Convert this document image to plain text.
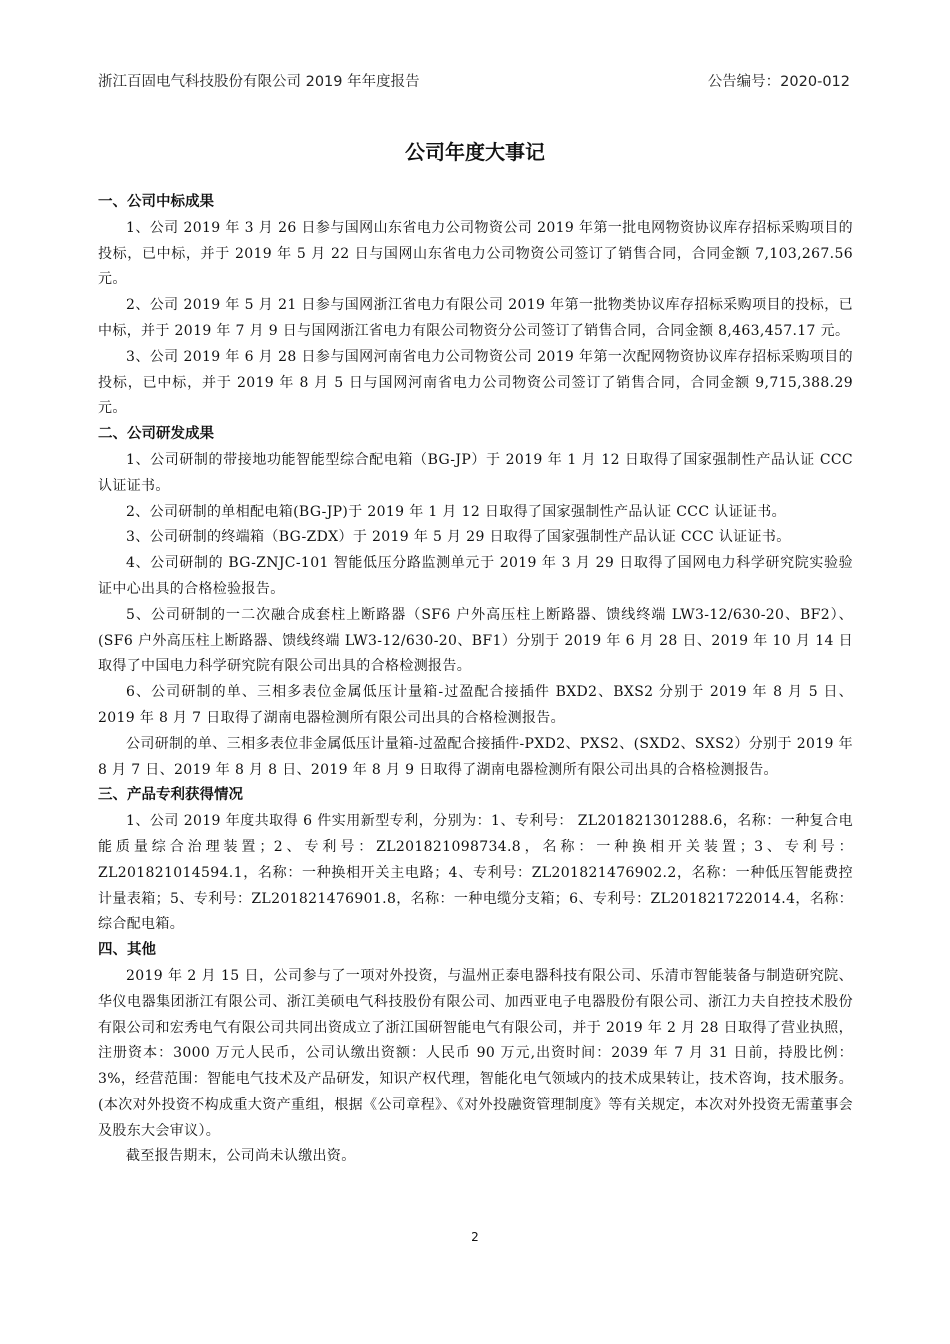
浙江百固电气科技股份有限公司 2019 年年度报告	公告编号：2020-012
公司年度大事记

一、公司中标成果

1、公司 2019 年 3 月 26 日参与国网山东省电力公司物资公司 2019 年第一批电网物资协议库存招标采购项目的投标，已中标，并于 2019 年 5 月 22 日与国网山东省电力公司物资公司签订了销售合同，合同金额 7,103,267.56 元。

2、公司 2019 年 5 月 21 日参与国网浙江省电力有限公司 2019 年第一批物类协议库存招标采购项目的投标，已中标，并于 2019 年 7 月 9 日与国网浙江省电力有限公司物资分公司签订了销售合同，合同金额 8,463,457.17 元。

3、公司 2019 年 6 月 28 日参与国网河南省电力公司物资公司 2019 年第一次配网物资协议库存招标采购项目的投标，已中标，并于 2019 年 8 月 5 日与国网河南省电力公司物资公司签订了销售合同，合同金额 9,715,388.29 元。

二、公司研发成果

1、公司研制的带接地功能智能型综合配电箱（BG-JP）于 2019 年 1 月 12 日取得了国家强制性产品认证 CCC 认证证书。

2、公司研制的单相配电箱(BG-JP)于 2019 年 1 月 12 日取得了国家强制性产品认证 CCC 认证证书。

3、公司研制的终端箱（BG-ZDX）于 2019 年 5 月 29 日取得了国家强制性产品认证 CCC 认证证书。

4、公司研制的 BG-ZNJC-101 智能低压分路监测单元于 2019 年 3 月 29 日取得了国网电力科学研究院实验验证中心出具的合格检验报告。

5、公司研制的一二次融合成套柱上断路器（SF6 户外高压柱上断路器、馈线终端 LW3-12/630-20、BF2）、(SF6 户外高压柱上断路器、馈线终端 LW3-12/630-20、BF1）分别于 2019 年 6 月 28 日、2019 年 10 月 14 日取得了中国电力科学研究院有限公司出具的合格检测报告。

6、公司研制的单、三相多表位金属低压计量箱-过盈配合接插件 BXD2、BXS2 分别于 2019 年 8 月 5 日、2019 年 8 月 7 日取得了湖南电器检测所有限公司出具的合格检测报告。

公司研制的单、三相多表位非金属低压计量箱-过盈配合接插件-PXD2、PXS2、(SXD2、SXS2）分别于 2019 年 8 月 7 日、2019 年 8 月 8 日、2019 年 8 月 9 日取得了湖南电器检测所有限公司出具的合格检测报告。

三、产品专利获得情况

1、公司 2019 年度共取得 6 件实用新型专利，分别为：1、专利号： ZL201821301288.6，名称：一种复合电能质量综合治理装置；2、专利号：ZL201821098734.8，名称：一种换相开关装置；3、专利号：ZL201821014594.1，名称：一种换相开关主电路；4、专利号：ZL201821476902.2，名称：一种低压智能费控计量表箱；5、专利号：ZL201821476901.8，名称：一种电缆分支箱；6、专利号：ZL201821722014.4，名称：综合配电箱。

四、其他

2019 年 2 月 15 日，公司参与了一项对外投资，与温州正泰电器科技有限公司、乐清市智能装备与制造研究院、华仪电器集团浙江有限公司、浙江美硕电气科技股份有限公司、加西亚电子电器股份有限公司、浙江力夫自控技术股份有限公司和宏秀电气有限公司共同出资成立了浙江国研智能电气有限公司，并于 2019 年 2 月 28 日取得了营业执照，注册资本：3000 万元人民币，公司认缴出资额：人民币 90 万元,出资时间：2039 年 7 月 31 日前，持股比例：3%，经营范围：智能电气技术及产品研发，知识产权代理，智能化电气领域内的技术成果转让，技术咨询，技术服务。(本次对外投资不构成重大资产重组，根据《公司章程》、《对外投融资管理制度》等有关规定，本次对外投资无需董事会及股东大会审议）。

截至报告期末，公司尚未认缴出资。

2
